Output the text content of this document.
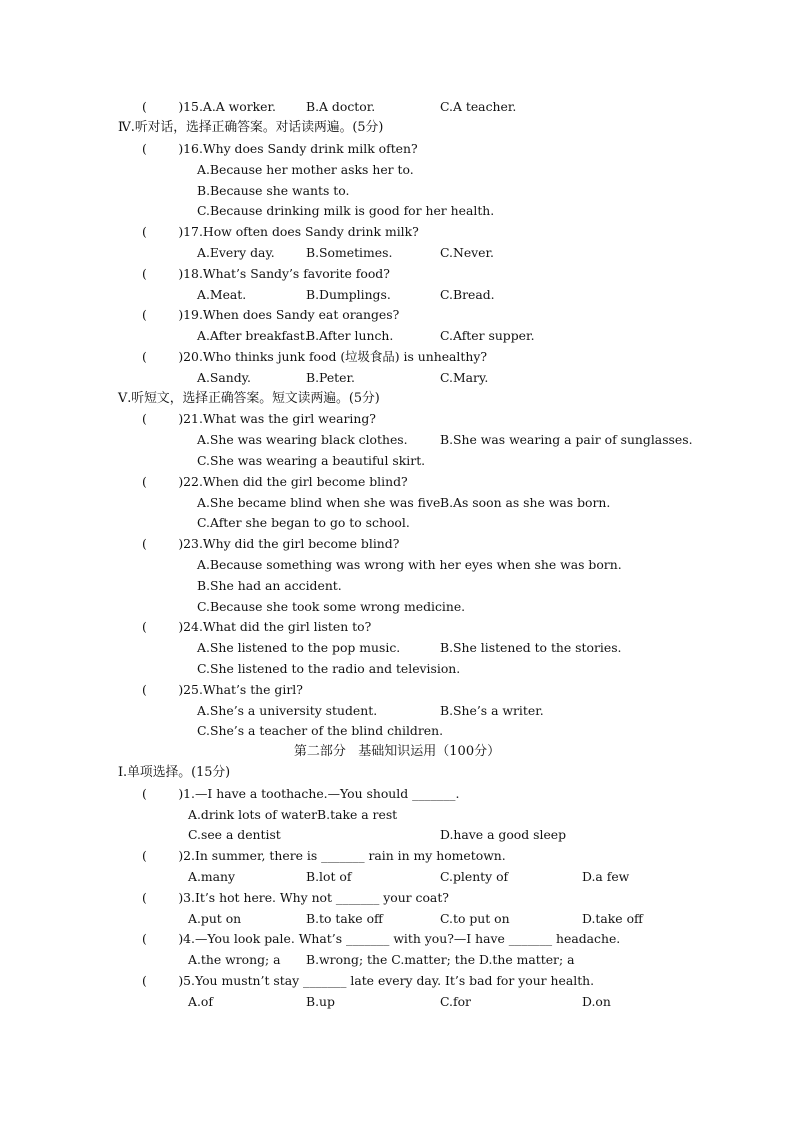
(        )15.A.A worker. B.A doctor.	C.A teacher.
Ⅳ.听对话，选择正确答案。对话读两遍。(5分)
(        )16.Why does Sandy drink milk often?
A.Because her mother asks her to.
B.Because she wants to.
C.Because drinking milk is good for her health.
(        )17.How often does Sandy drink milk?
A.Every day.	B.Sometimes.	C.Never.
(        )18.What’s Sandy’s favorite food?
A.Meat.	B.Dumplings.	C.Bread.
(        )19.When does Sandy eat oranges?
A.After breakfast.
B.After lunch.	C.After supper.
(        )20.Who thinks junk food (垃圾食品) is unhealthy?
A.Sandy.	B.Peter.	C.Mary.
Ⅴ.听短文，选择正确答案。短文读两遍。(5分)
(        )21.What was the girl wearing?
A.She was wearing black clothes.	B.She was wearing a pair of sunglasses.
C.She was wearing a beautiful skirt.
(        )22.When did the girl become blind?
A.She became blind when she was five.
B.As soon as she was born.
C.After she began to go to school.
(        )23.Why did the girl become blind?
A.Because something was wrong with her eyes when she was born.
B.She had an accident.
C.Because she took some wrong medicine.
(        )24.What did the girl listen to?
A.She listened to the pop music.	B.She listened to the stories.
C.She listened to the radio and television.
(        )25.What’s the girl?
A.She’s a university student.	B.She’s a writer.
C.She’s a teacher of the blind children.
第二部分   基础知识运用（100分）
Ⅰ.单项选择。(15分)
(        )1.—I have a toothache.—You should _______.
A.drink lots of waterB.take a rest
C.see a dentist	D.have a good sleep
(        )2.In summer, there is _______ rain in my hometown.
A.many	B.lot of	C.plenty of	D.a few
(        )3.It’s hot here. Why not _______ your coat?
A.put on	B.to take off	C.to put on	D.take off
(        )4.—You look pale. What’s _______ with you?—I have _______ headache.
A.the wrong; a B.wrong; the C.matter; the D.the matter; a
(        )5.You mustn’t stay _______ late every day. It’s bad for your health.
A.of	B.up	C.for	D.on
